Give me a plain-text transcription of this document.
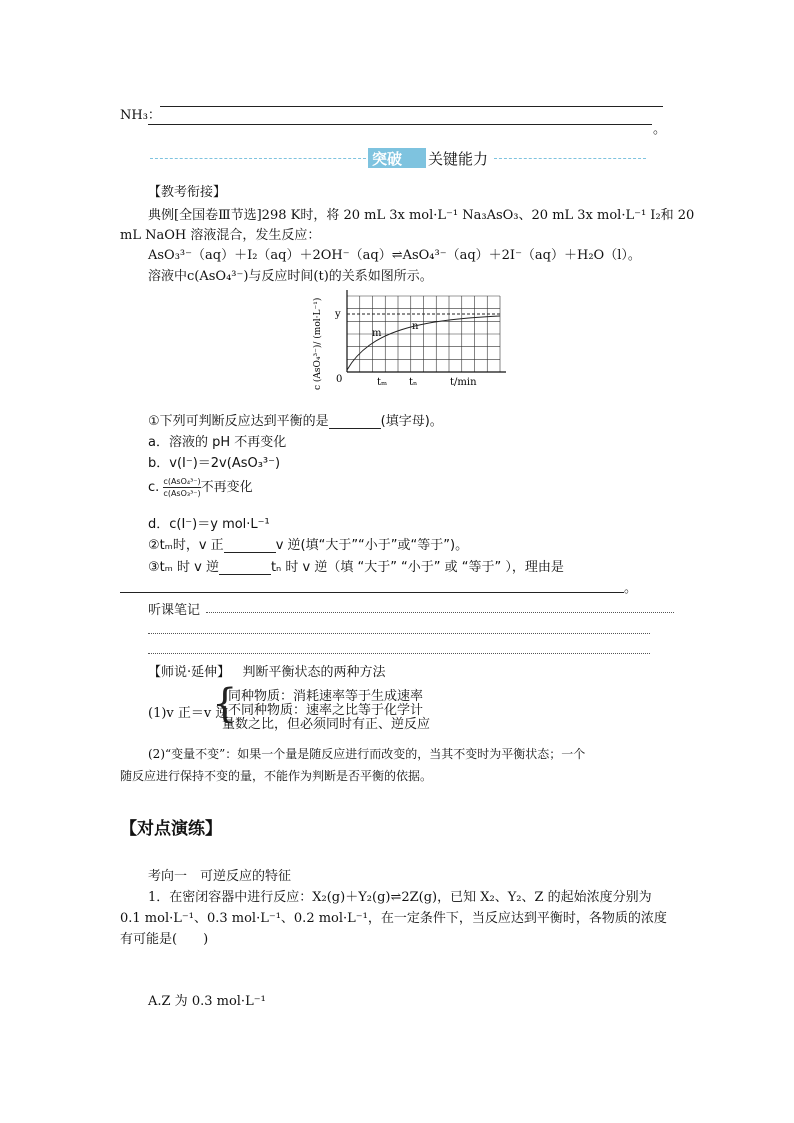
NH₃：
。
突破 关键能力
【教考衔接】
典例[全国卷Ⅲ节选]298 K时，将 20 mL 3x mol·L⁻¹ Na₃AsO₃、20 mL 3x mol·L⁻¹ I₂和 20
mL NaOH 溶液混合，发生反应：
AsO₃³⁻（aq）＋I₂（aq）＋2OH⁻（aq）⇌AsO₄³⁻（aq）＋2I⁻（aq）＋H₂O（l）。
溶液中c(AsO₄³⁻)与反应时间(t)的关系如图所示。
c (AsO₄³⁻)/ (mol·L⁻¹) 0
y
m
n
tₘ tₙ	t/min
①下列可判断反应达到平衡的是	(填字母)。
a．溶液的 pH 不再变化
b．v(I⁻)＝2v(AsO₃³⁻)
c. c(AsO₄³⁻)
c(AsO₃³⁻) 不再变化
d．c(I⁻)＝y mol·L⁻¹
②tₘ时，v 正	v 逆(填“大于”“小于”或“等于”)。
③tₘ 时 v 逆	tₙ 时 v 逆（填 “大于” “小于” 或 “等于” ），理由是
。
听课笔记
【师说·延伸】 判断平衡状态的两种方法
(1)v 正＝v 逆
{
同种物质：消耗速率等于生成速率
不同种物质：速率之比等于化学计
量数之比，但必须同时有正、逆反应
(2)“变量不变”：如果一个量是随反应进行而改变的，当其不变时为平衡状态；一个
随反应进行保持不变的量，不能作为判断是否平衡的依据。
【对点演练】
考向一　可逆反应的特征
1．在密闭容器中进行反应：X₂(g)＋Y₂(g)⇌2Z(g)，已知 X₂、Y₂、Z 的起始浓度分别为
0.1 mol·L⁻¹、0.3 mol·L⁻¹、0.2 mol·L⁻¹，在一定条件下，当反应达到平衡时，各物质的浓度
有可能是(　　)
A.Z 为 0.3 mol·L⁻¹
